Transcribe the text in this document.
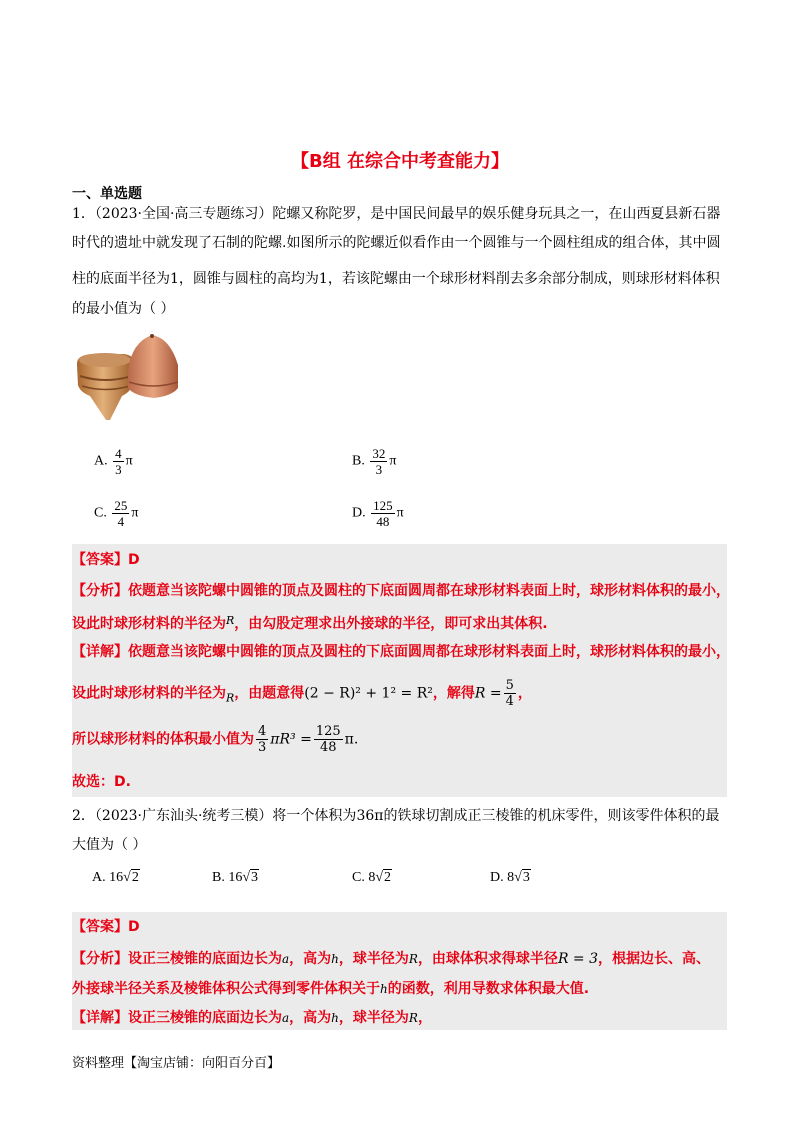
【B组 在综合中考查能力】
一、单选题
1．（2023·全国·高三专题练习）陀螺又称陀罗，是中国民间最早的娱乐健身玩具之一，在山西夏县新石器
时代的遗址中就发现了石制的陀螺.如图所示的陀螺近似看作由一个圆锥与一个圆柱组成的组合体，其中圆
柱的底面半径为1，圆锥与圆柱的高均为1，若该陀螺由一个球形材料削去多余部分制成，则球形材料体积
的最小值为（ ）
A. $\frac{4}{3}$ π	B. $\frac{32}{3}$ π
C. $\frac{25}{4}$ π	D. $\frac{125}{48}$ π
【答案】D
【分析】依题意当该陀螺中圆锥的顶点及圆柱的下底面圆周都在球形材料表面上时，球形材料体积的最小，
设此时球形材料的半径为$^R$，由勾股定理求出外接球的半径，即可求出其体积.
【详解】依题意当该陀螺中圆锥的顶点及圆柱的下底面圆周都在球形材料表面上时，球形材料体积的最小，
设此时球形材料的半径为$_R$，由题意得(2 − R)² + 1² = R²，解得$R = \frac{5}{4}$ ，
所以球形材料的体积最小值为 $\frac{4}{3} \pi R^3 = \frac{125}{48} \pi$.
故选：D.
2．（2023·广东汕头·统考三模）将一个体积为36π的铁球切割成正三棱锥的机床零件，则该零件体积的最
大值为（ ）
A. 16√2	B. 16√3	C. 8√2	D. 8√3
【答案】D
【分析】设正三棱锥的底面边长为a，高为h，球半径为R，由球体积求得球半径R = 3，根据边长、高、
外接球半径关系及棱锥体积公式得到零件体积关于h的函数，利用导数求体积最大值.
【详解】设正三棱锥的底面边长为a，高为h，球半径为R，
资料整理【淘宝店铺：向阳百分百】
